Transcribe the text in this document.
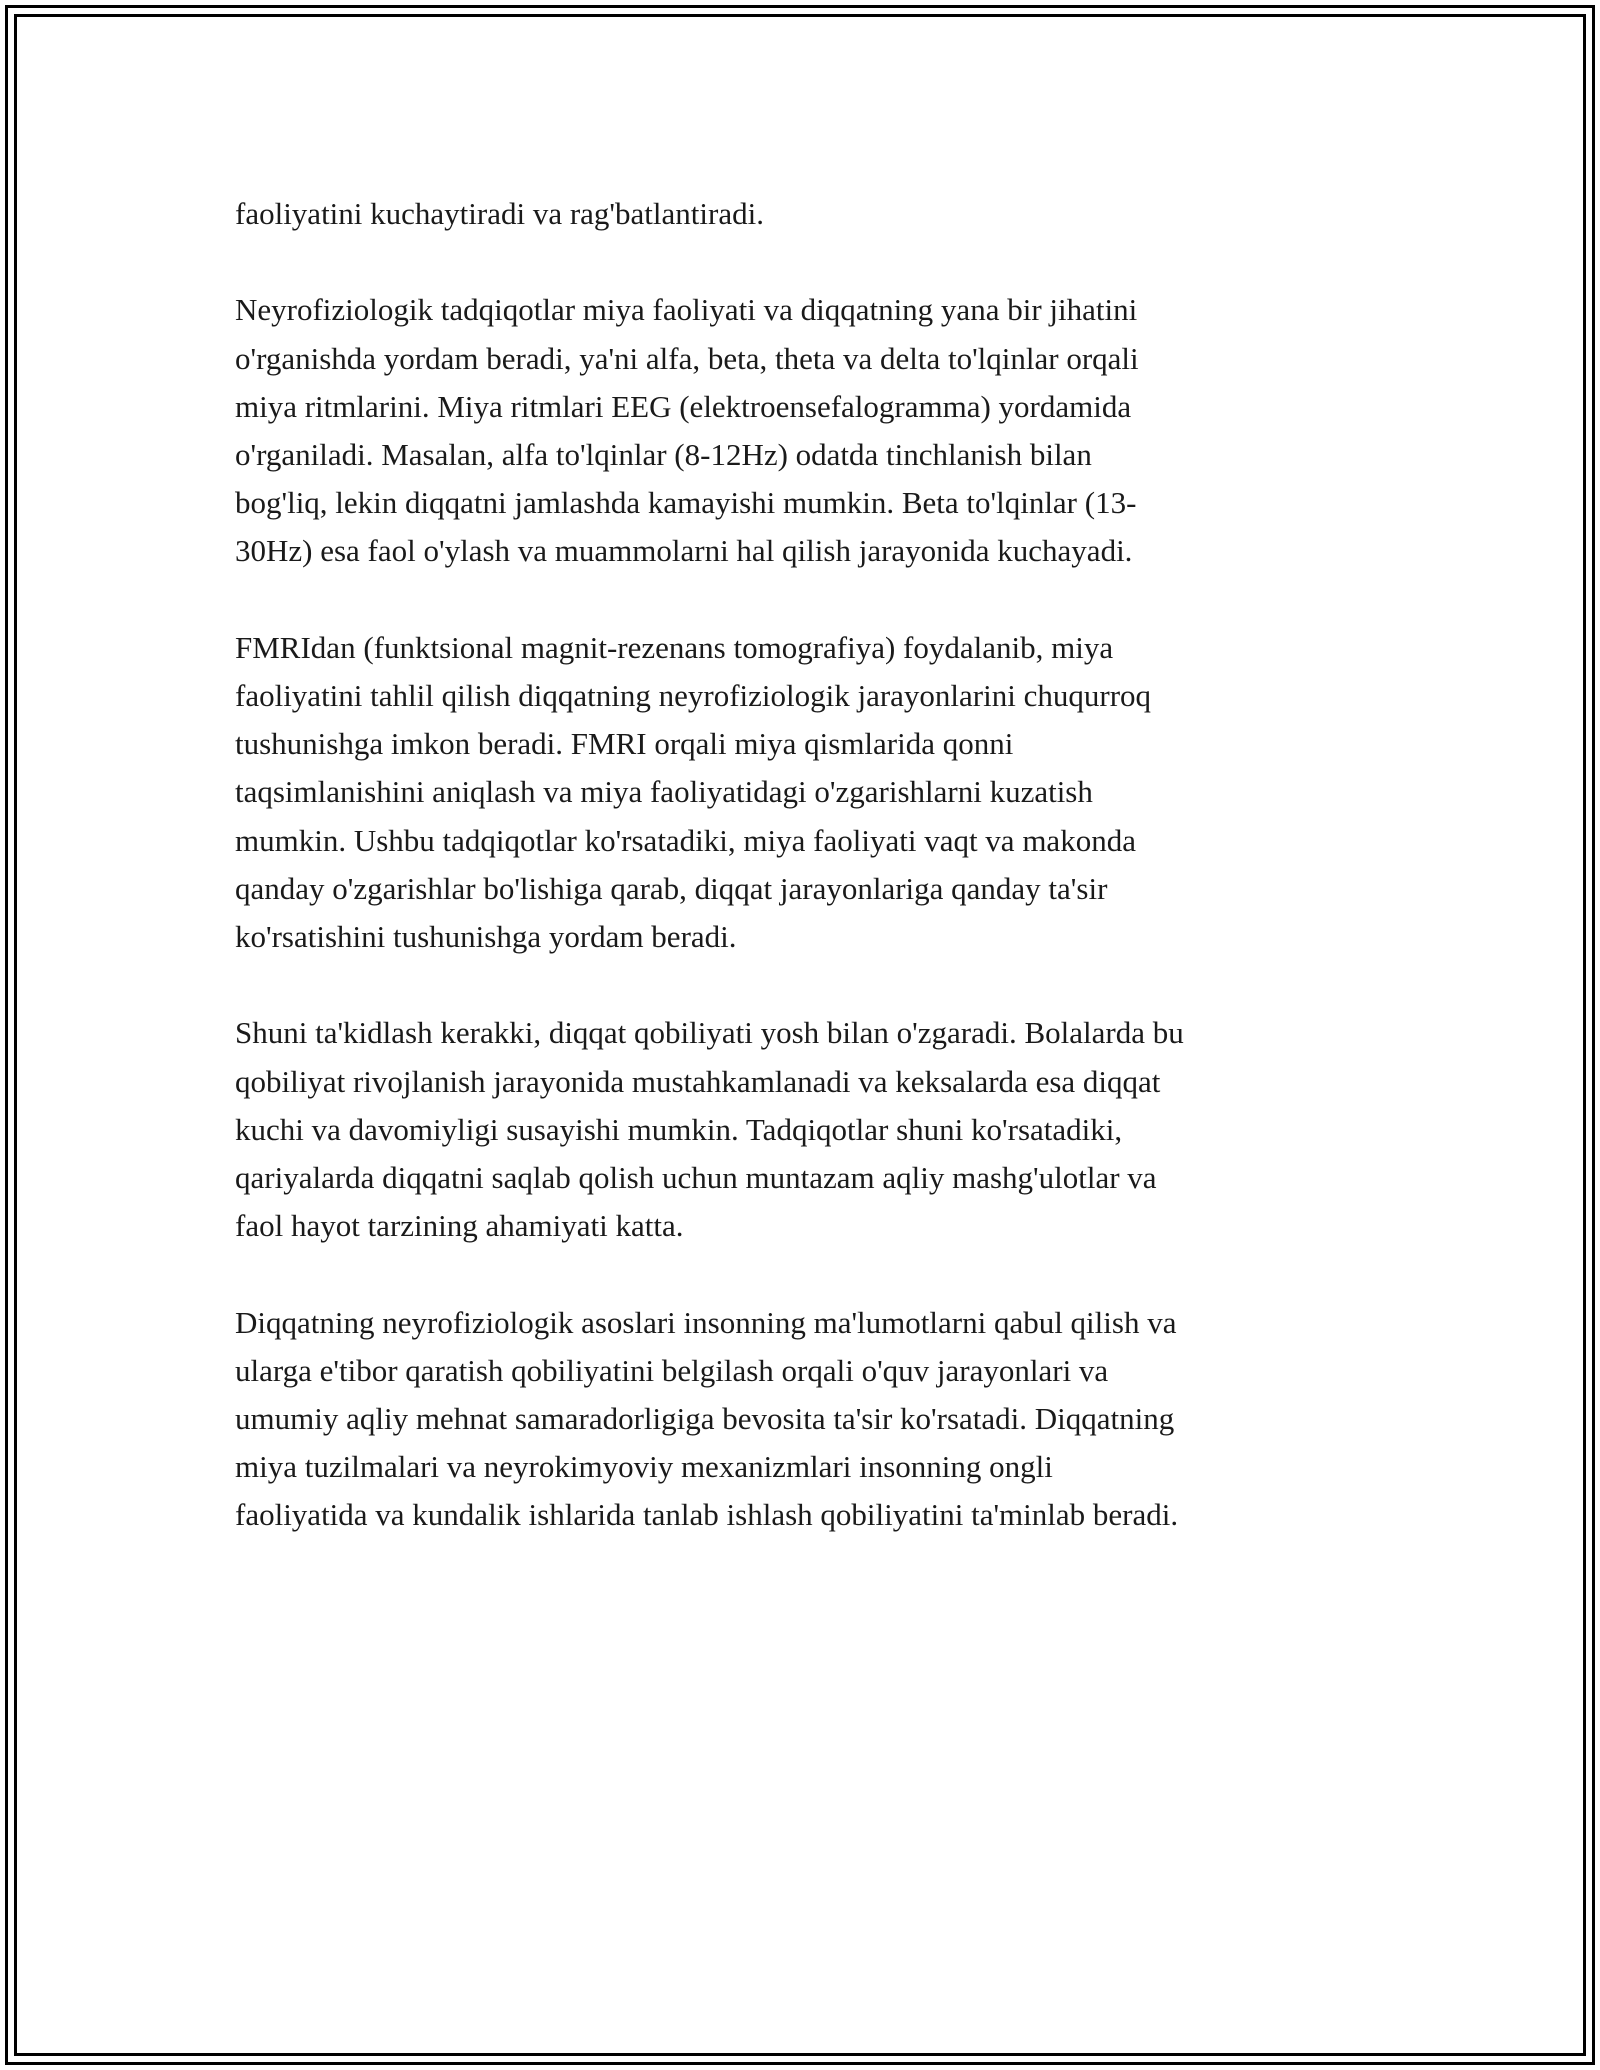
faoliyatini kuchaytiradi va rag'batlantiradi.

Neyrofiziologik tadqiqotlar miya faoliyati va diqqatning yana bir jihatini
o'rganishda yordam beradi, ya'ni alfa, beta, theta va delta to'lqinlar orqali
miya ritmlarini. Miya ritmlari EEG (elektroensefalogramma) yordamida
o'rganiladi. Masalan, alfa to'lqinlar (8-12Hz) odatda tinchlanish bilan
bog'liq, lekin diqqatni jamlashda kamayishi mumkin. Beta to'lqinlar (13-
30Hz) esa faol o'ylash va muammolarni hal qilish jarayonida kuchayadi.

FMRIdan (funktsional magnit-rezenans tomografiya) foydalanib, miya
faoliyatini tahlil qilish diqqatning neyrofiziologik jarayonlarini chuqurroq
tushunishga imkon beradi. FMRI orqali miya qismlarida qonni
taqsimlanishini aniqlash va miya faoliyatidagi o'zgarishlarni kuzatish
mumkin. Ushbu tadqiqotlar ko'rsatadiki, miya faoliyati vaqt va makonda
qanday o'zgarishlar bo'lishiga qarab, diqqat jarayonlariga qanday ta'sir
ko'rsatishini tushunishga yordam beradi.

Shuni ta'kidlash kerakki, diqqat qobiliyati yosh bilan o'zgaradi. Bolalarda bu
qobiliyat rivojlanish jarayonida mustahkamlanadi va keksalarda esa diqqat
kuchi va davomiyligi susayishi mumkin. Tadqiqotlar shuni ko'rsatadiki,
qariyalarda diqqatni saqlab qolish uchun muntazam aqliy mashg'ulotlar va
faol hayot tarzining ahamiyati katta.

Diqqatning neyrofiziologik asoslari insonning ma'lumotlarni qabul qilish va
ularga e'tibor qaratish qobiliyatini belgilash orqali o'quv jarayonlari va
umumiy aqliy mehnat samaradorligiga bevosita ta'sir ko'rsatadi. Diqqatning
miya tuzilmalari va neyrokimyoviy mexanizmlari insonning ongli
faoliyatida va kundalik ishlarida tanlab ishlash qobiliyatini ta'minlab beradi.
